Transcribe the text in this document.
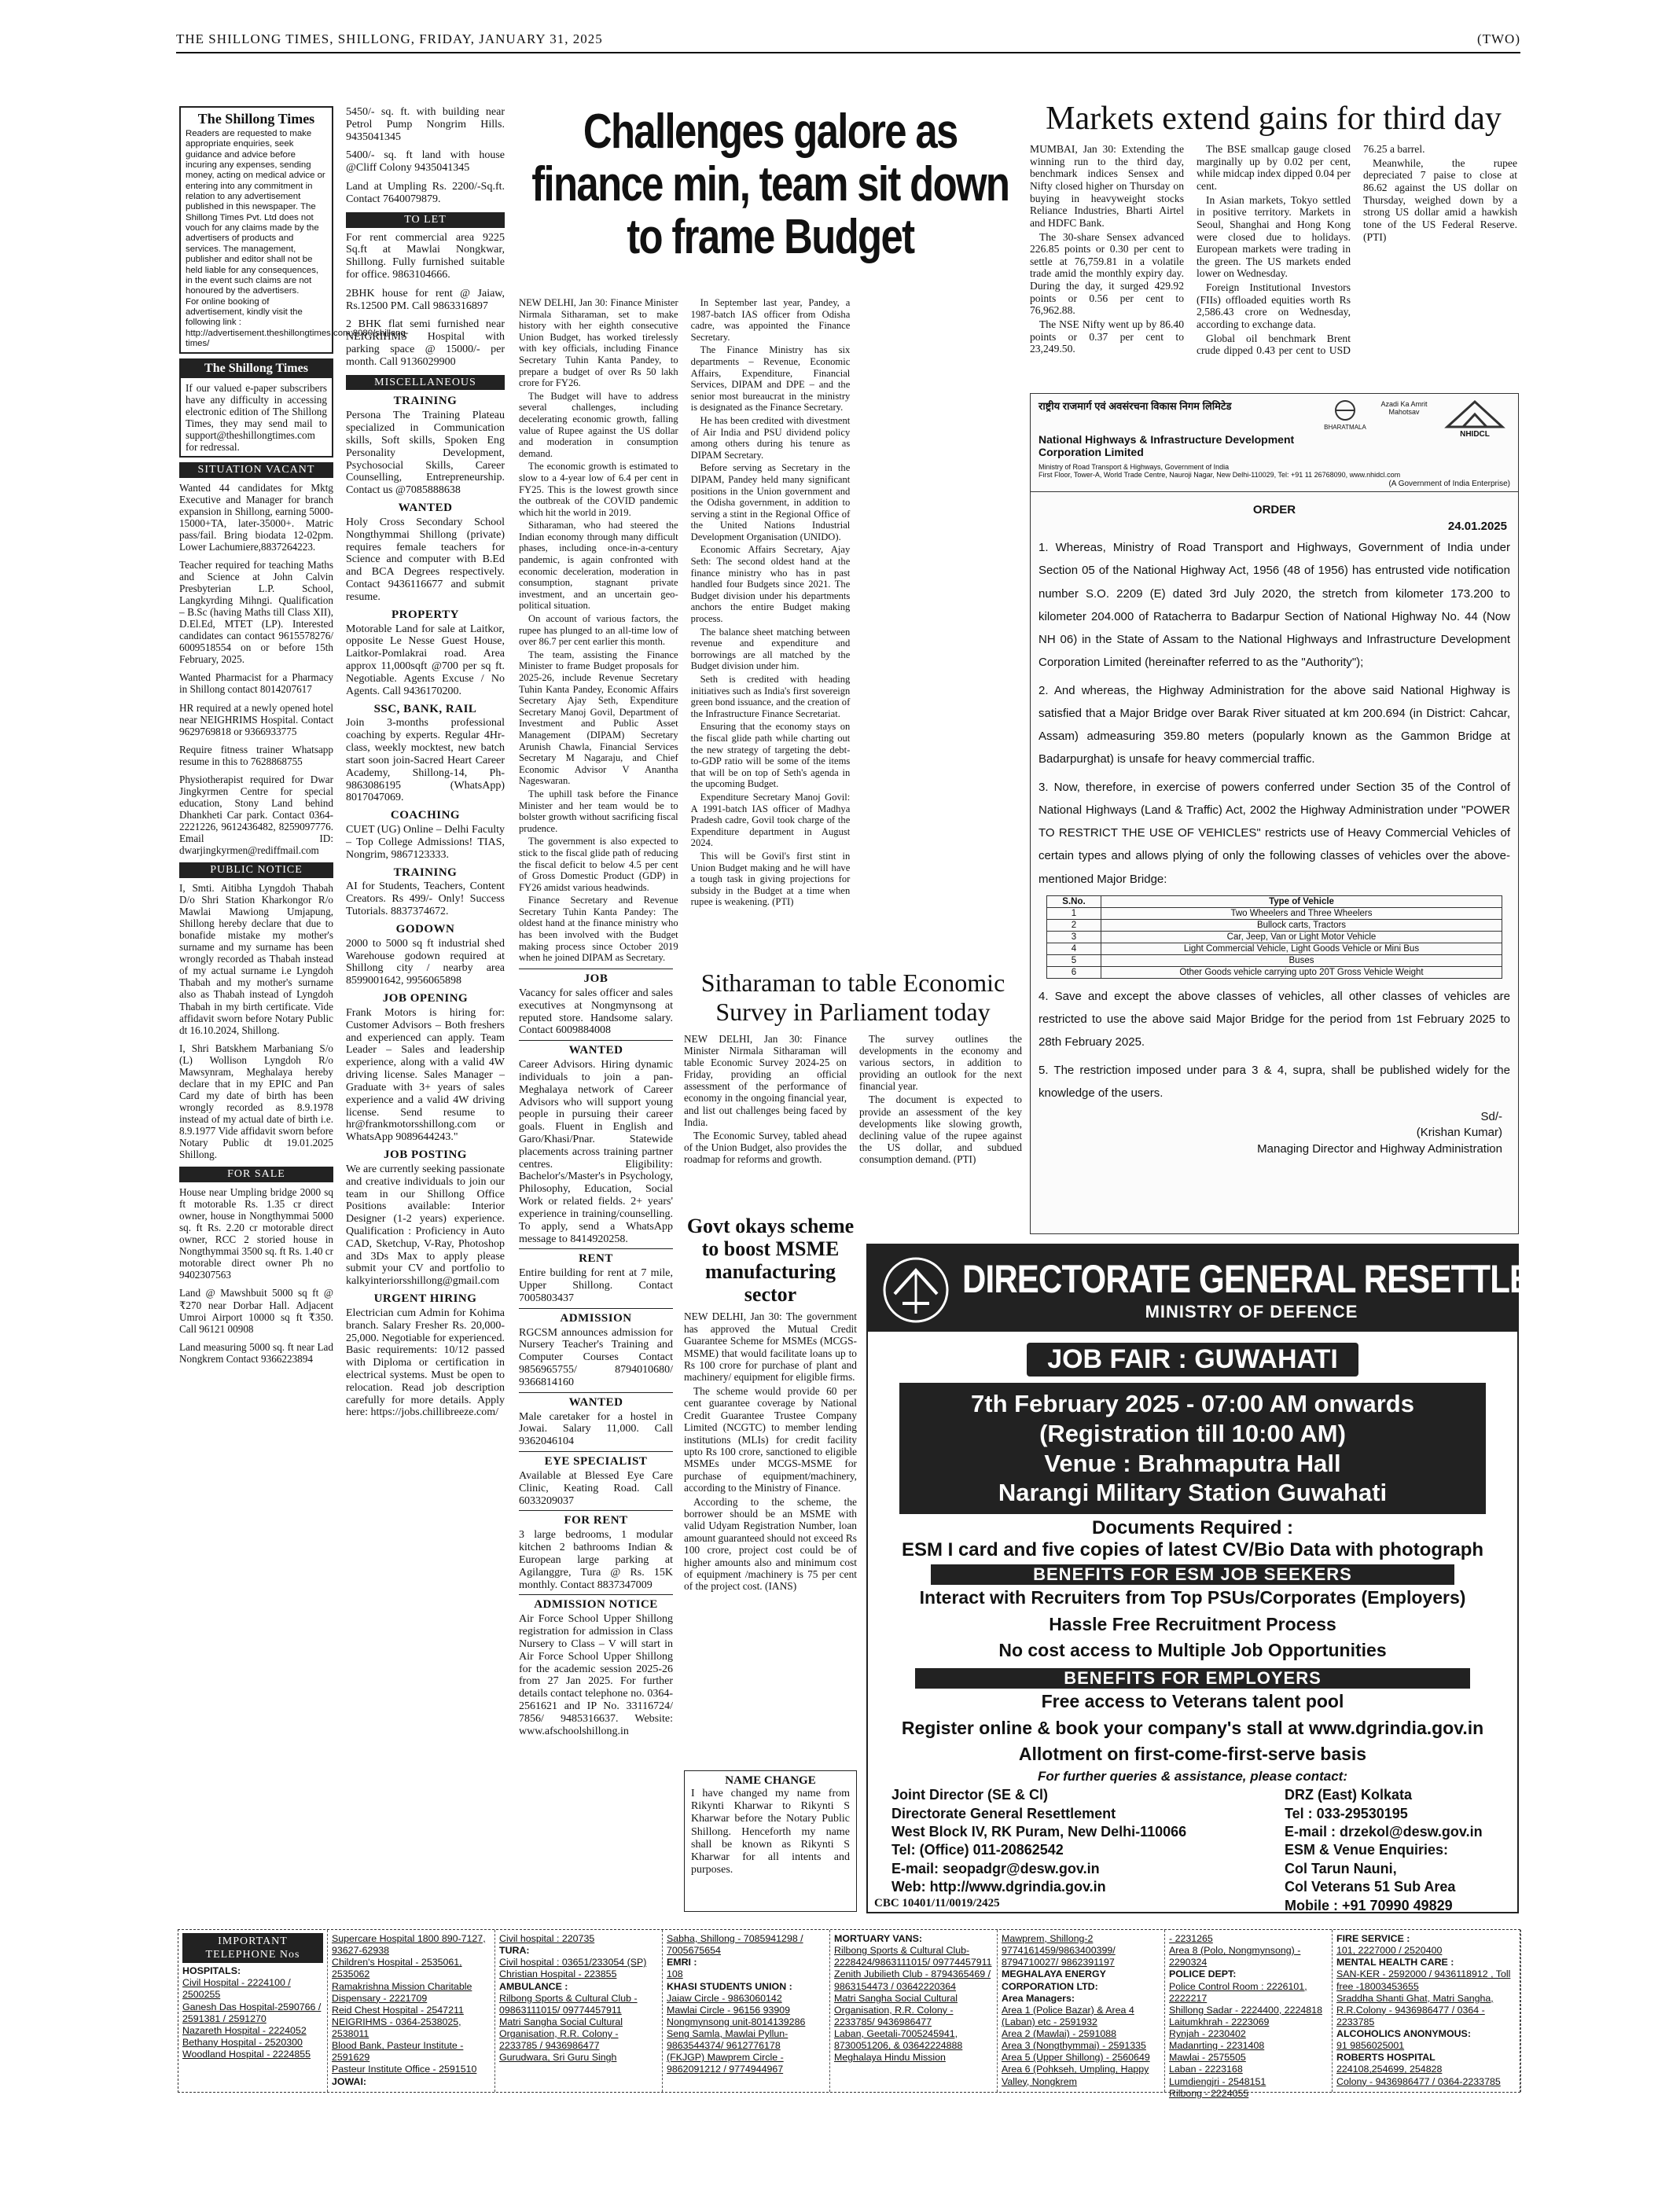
THE SHILLONG TIMES, SHILLONG, FRIDAY, JANUARY 31, 2025	(TWO)
The Shillong Times
Readers are requested to make appropriate enquiries, seek guidance and advice before incuring any expenses, sending money, acting on medical advice or entering into any commitment in relation to any advertisement published in this newspaper. The Shillong Times Pvt. Ltd does not vouch for any claims made by the advertisers of products and services. The management, publisher and editor shall not be held liable for any consequences, in the event such claims are not honoured by the advertisers.
For online booking of advertisement, kindly visit the following link : http://advertisement.theshillongtimes.com:8080/shillong-times/
The Shillong Times
If our valued e-paper subscribers have any difficulty in accessing electronic edition of The Shillong Times, they may send mail to support@theshillongtimes.com for redressal.
SITUATION VACANT

Wanted 44 candidates for Mktg Executive and Manager for branch expansion in Shillong, earning 5000-15000+TA, later-35000+. Matric pass/fail. Bring biodata 12-02pm. Lower Lachumiere,8837264223.

Teacher required for teaching Maths and Science at John Calvin Presbyterian L.P. School, Langkyrding Mihngi. Qualification – B.Sc (having Maths till Class XII), D.El.Ed, MTET (LP). Interested candidates can contact 9615578276/ 6009518554 on or before 15th February, 2025.

Wanted Pharmacist for a Pharmacy in Shillong contact 8014207617

HR required at a newly opened hotel near NEIGHRIMS Hospital. Contact 9629769818 or 9366933775

Require fitness trainer Whatsapp resume in this to 7628868755

Physiotherapist required for Dwar Jingkyrmen Centre for special education, Stony Land behind Dhankheti Car park. Contact 0364-2221226, 9612436482, 8259097776. Email ID: dwarjingkyrmen@rediffmail.com

PUBLIC NOTICE

I, Smti. Aitibha Lyngdoh Thabah D/o Shri Station Kharkongor R/o Mawlai Mawiong Umjapung, Shillong hereby declare that due to bonafide mistake my mother's surname and my surname has been wrongly recorded as Thabah instead of my actual surname i.e Lyngdoh Thabah and my mother's surname also as Thabah instead of Lyngdoh Thabah in my birth certificate. Vide affidavit sworn before Notary Public dt 16.10.2024, Shillong.

I, Shri Batskhem Marbaniang S/o (L) Wollison Lyngdoh R/o Mawsynram, Meghalaya hereby declare that in my EPIC and Pan Card my date of birth has been wrongly recorded as 8.9.1978 instead of my actual date of birth i.e. 8.9.1977 Vide affidavit sworn before Notary Public dt 19.01.2025 Shillong.

FOR SALE

House near Umpling bridge 2000 sq ft motorable Rs. 1.35 cr direct owner, house in Nongthymmai 5000 sq. ft Rs. 2.20 cr motorable direct owner, RCC 2 storied house in Nongthymmai 3500 sq. ft Rs. 1.40 cr motorable direct owner Ph no 9402307563

Land @ Mawshbuit 5000 sq ft @ ₹270 near Dorbar Hall. Adjacent Umroi Airport 10000 sq ft ₹350. Call 96121 00908

Land measuring 5000 sq. ft near Lad Nongkrem Contact 9366223894

5450/- sq. ft. with building near Petrol Pump Nongrim Hills. 9435041345

5400/- sq. ft land with house @Cliff Colony 9435041345

Land at Umpling Rs. 2200/-Sq.ft. Contact 7640079879.

TO LET

For rent commercial area 9225 Sq.ft at Mawlai Nongkwar, Shillong. Fully furnished suitable for office. 9863104666.

2BHK house for rent @ Jaiaw, Rs.12500 PM. Call 9863316897

2 BHK flat semi furnished near NEIGRIHMS Hospital with parking space @ 15000/- per month. Call 9136029900

MISCELLANEOUS
TRAINING

Persona The Training Plateau specialized in Communication skills, Soft skills, Spoken Eng Personality Development, Psychosocial Skills, Career Counselling, Entrepreneurship. Contact us @7085888638

WANTED

Holy Cross Secondary School Nongthymmai Shillong (private) requires female teachers for Science and computer with B.Ed and BCA Degrees respectively. Contact 9436116677 and submit resume.

PROPERTY

Motorable Land for sale at Laitkor, opposite Le Nesse Guest House, Laitkor-Pomlakrai road. Area approx 11,000sqft @700 per sq ft. Negotiable. Agents Excuse / No Agents. Call 9436170200.

SSC, BANK, RAIL

Join 3-months professional coaching by experts. Regular 4Hr-class, weekly mocktest, new batch start soon join-Sacred Heart Career Academy, Shillong-14, Ph-9863086195 (WhatsApp) 8017047069.

COACHING

CUET (UG) Online – Delhi Faculty – Top College Admissions! TIAS, Nongrim, 9867123333.

TRAINING

AI for Students, Teachers, Content Creators. Rs 499/- Only! Success Tutorials. 8837374672.

GODOWN

2000 to 5000 sq ft industrial shed Warehouse godown required at Shillong city / nearby area 8599001642, 9956065898

JOB OPENING

Frank Motors is hiring for: Customer Advisors – Both freshers and experienced can apply. Team Leader – Sales and leadership experience, along with a valid 4W driving license. Sales Manager – Graduate with 3+ years of sales experience and a valid 4W driving license. Send resume to hr@frankmotorsshillong.com or WhatsApp 9089644243."

JOB POSTING

We are currently seeking passionate and creative individuals to join our team in our Shillong Office Positions available: Interior Designer (1-2 years) experience. Qualification : Proficiency in Auto CAD, Sketchup, V-Ray, Photoshop and 3Ds Max to apply please submit your CV and portfolio to kalkyinteriorsshillong@gmail.com

URGENT HIRING

Electrician cum Admin for Kohima branch. Salary Fresher Rs. 20,000-25,000. Negotiable for experienced. Basic requirements: 10/12 passed with Diploma or certification in electrical systems. Must be open to relocation. Read job description carefully for more details. Apply here: https://jobs.chillibreeze.com/

Challenges galore as finance min, team sit down to frame Budget

NEW DELHI, Jan 30: Finance Minister Nirmala Sitharaman, set to make history with her eighth consecutive Union Budget, has worked tirelessly with key officials, including Finance Secretary Tuhin Kanta Pandey, to prepare a budget of over Rs 50 lakh crore for FY26.

The Budget will have to address several challenges, including decelerating economic growth, falling value of Rupee against the US dollar and moderation in consumption demand.

The economic growth is estimated to slow to a 4-year low of 6.4 per cent in FY25. This is the lowest growth since the outbreak of the COVID pandemic which hit the world in 2019.

Sitharaman, who had steered the Indian economy through many difficult phases, including once-in-a-century pandemic, is again confronted with economic deceleration, moderation in consumption, stagnant private investment, and an uncertain geo-political situation.

On account of various factors, the rupee has plunged to an all-time low of over 86.7 per cent earlier this month.

The team, assisting the Finance Minister to frame Budget proposals for 2025-26, include Revenue Secretary Tuhin Kanta Pandey, Economic Affairs Secretary Ajay Seth, Expenditure Secretary Manoj Govil, Department of Investment and Public Asset Management (DIPAM) Secretary Arunish Chawla, Financial Services Secretary M Nagaraju, and Chief Economic Advisor V Anantha Nageswaran.

The uphill task before the Finance Minister and her team would be to bolster growth without sacrificing fiscal prudence.

The government is also expected to stick to the fiscal glide path of reducing the fiscal deficit to below 4.5 per cent of Gross Domestic Product (GDP) in FY26 amidst various headwinds.

Finance Secretary and Revenue Secretary Tuhin Kanta Pandey: The oldest hand at the finance ministry who has been involved with the Budget making process since October 2019 when he joined DIPAM as Secretary.

In September last year, Pandey, a 1987-batch IAS officer from Odisha cadre, was appointed the Finance Secretary.

The Finance Ministry has six departments – Revenue, Economic Affairs, Expenditure, Financial Services, DIPAM and DPE – and the senior most bureaucrat in the ministry is designated as the Finance Secretary.

He has been credited with divestment of Air India and PSU dividend policy among others during his tenure as DIPAM Secretary.

Before serving as Secretary in the DIPAM, Pandey held many significant positions in the Union government and the Odisha government, in addition to serving a stint in the Regional Office of the United Nations Industrial Development Organisation (UNIDO).

Economic Affairs Secretary, Ajay Seth: The second oldest hand at the finance ministry who has in past handled four Budgets since 2021. The Budget division under his departments anchors the entire Budget making process.

The balance sheet matching between revenue and expenditure and borrowings are all matched by the Budget division under him.

Seth is credited with heading initiatives such as India's first sovereign green bond issuance, and the creation of the Infrastructure Finance Secretariat.

Ensuring that the economy stays on the fiscal glide path while charting out the new strategy of targeting the debt-to-GDP ratio will be some of the items that will be on top of Seth's agenda in the upcoming Budget.

Expenditure Secretary Manoj Govil: A 1991-batch IAS officer of Madhya Pradesh cadre, Govil took charge of the Expenditure department in August 2024.

This will be Govil's first stint in Union Budget making and he will have a tough task in giving projections for subsidy in the Budget at a time when rupee is weakening. (PTI)

Sitharaman to table Economic Survey in Parliament today

NEW DELHI, Jan 30: Finance Minister Nirmala Sitharaman will table Economic Survey 2024-25 on Friday, providing an official assessment of the performance of economy in the ongoing financial year, and list out challenges being faced by India.

The Economic Survey, tabled ahead of the Union Budget, also provides the roadmap for reforms and growth.

The survey outlines the developments in the economy and various sectors, in addition to providing an outlook for the next financial year.

The document is expected to provide an assessment of the key developments like slowing growth, declining value of the rupee against the US dollar, and subdued consumption demand. (PTI)

JOB

Vacancy for sales officer and sales executives at Nongmynsong at reputed store. Handsome salary. Contact 6009884008

WANTED

Career Advisors. Hiring dynamic individuals to join a pan-Meghalaya network of Career Advisors who will support young people in pursuing their career goals. Fluent in English and Garo/Khasi/Pnar. Statewide placements across training partner centres. Eligibility: Bachelor's/Master's in Psychology, Philosophy, Education, Social Work or related fields. 2+ years' experience in training/counselling. To apply, send a WhatsApp message to 8414920258.

RENT

Entire building for rent at 7 mile, Upper Shillong. Contact 7005803437

ADMISSION

RGCSM announces admission for Nursery Teacher's Training and Computer Courses Contact 9856965755/ 8794010680/ 9366814160

WANTED

Male caretaker for a hostel in Jowai. Salary 11,000. Call 9362046104

EYE SPECIALIST

Available at Blessed Eye Care Clinic, Keating Road. Call 6033209037

FOR RENT

3 large bedrooms, 1 modular kitchen 2 bathrooms Indian & European large parking at Agilanggre, Tura @ Rs. 15K monthly. Contact 8837347009

ADMISSION NOTICE

Air Force School Upper Shillong registration for admission in Class Nursery to Class – V will start in Air Force School Upper Shillong for the academic session 2025-26 from 27 Jan 2025. For further details contact telephone no. 0364-2561621 and IP No. 33116724/ 7856/ 9485316637. Website: www.afschoolshillong.in

Govt okays scheme to boost MSME manufacturing sector

NEW DELHI, Jan 30: The government has approved the Mutual Credit Guarantee Scheme for MSMEs (MCGS-MSME) that would facilitate loans up to Rs 100 crore for purchase of plant and machinery/ equipment for eligible firms.

The scheme would provide 60 per cent guarantee coverage by National Credit Guarantee Trustee Company Limited (NCGTC) to member lending institutions (MLIs) for credit facility upto Rs 100 crore, sanctioned to eligible MSMEs under MCGS-MSME for purchase of equipment/machinery, according to the Ministry of Finance.

According to the scheme, the borrower should be an MSME with valid Udyam Registration Number, loan amount guaranteed should not exceed Rs 100 crore, project cost could be of higher amounts also and minimum cost of equipment /machinery is 75 per cent of the project cost. (IANS)

NAME CHANGE
I have changed my name from Rikynti Kharwar to Rikynti S Kharwar before the Notary Public Shillong. Henceforth my name shall be known as Rikynti S Kharwar for all intents and purposes.
Markets extend gains for third day

MUMBAI, Jan 30: Extending the winning run to the third day, benchmark indices Sensex and Nifty closed higher on Thursday on buying in heavyweight stocks Reliance Industries, Bharti Airtel and HDFC Bank.

The 30-share Sensex advanced 226.85 points or 0.30 per cent to settle at 76,759.81 in a volatile trade amid the monthly expiry day. During the day, it surged 429.92 points or 0.56 per cent to 76,962.88.

The NSE Nifty went up by 86.40 points or 0.37 per cent to 23,249.50.

The BSE smallcap gauge closed marginally up by 0.02 per cent, while midcap index dipped 0.04 per cent.

In Asian markets, Tokyo settled in positive territory. Markets in Seoul, Shanghai and Hong Kong were closed due to holidays. European markets were trading in the green. The US markets ended lower on Wednesday.

Foreign Institutional Investors (FIIs) offloaded equities worth Rs 2,586.43 crore on Wednesday, according to exchange data.

Global oil benchmark Brent crude dipped 0.43 per cent to USD 76.25 a barrel.

Meanwhile, the rupee depreciated 7 paise to close at 86.62 against the US dollar on Thursday, weighed down by a strong US dollar amid a hawkish tone of the US Federal Reserve. (PTI)

राष्ट्रीय राजमार्ग एवं अवसंरचना विकास निगम लिमिटेड
National Highways & Infrastructure Development Corporation Limited
Ministry of Road Transport & Highways, Government of India
First Floor, Tower-A, World Trade Centre, Nauroji Nagar, New Delhi-110029, Tel: +91 11 26768090, www.nhidcl.com
BHARATMALA
Azadi Ka Amrit Mahotsav
NHIDCL
(A Government of India Enterprise)
ORDER
24.01.2025
1. Whereas, Ministry of Road Transport and Highways, Government of India under Section 05 of the National Highway Act, 1956 (48 of 1956) has entrusted vide notification number S.O. 2209 (E) dated 3rd July 2020, the stretch from kilometer 173.200 to kilometer 204.000 of Ratacherra to Badarpur Section of National Highway No. 44 (Now NH 06) in the State of Assam to the National Highways and Infrastructure Development Corporation Limited (hereinafter referred to as the "Authority");
2. And whereas, the Highway Administration for the above said National Highway is satisfied that a Major Bridge over Barak River situated at km 200.694 (in District: Cahcar, Assam) admeasuring 359.80 meters (popularly known as the Gammon Bridge at Badarpurghat) is unsafe for heavy commercial traffic.
3. Now, therefore, in exercise of powers conferred under Section 35 of the Control of National Highways (Land & Traffic) Act, 2002 the Highway Administration under "POWER TO RESTRICT THE USE OF VEHICLES" restricts use of Heavy Commercial Vehicles of certain types and allows plying of only the following classes of vehicles over the above-mentioned Major Bridge:
S.No.	Type of Vehicle
1	Two Wheelers and Three Wheelers
2	Bullock carts, Tractors
3	Car, Jeep, Van or Light Motor Vehicle
4	Light Commercial Vehicle, Light Goods Vehicle or Mini Bus
5	Buses
6	Other Goods vehicle carrying upto 20T Gross Vehicle Weight
4. Save and except the above classes of vehicles, all other classes of vehicles are restricted to use the above said Major Bridge for the period from 1st February 2025 to 28th February 2025.
5. The restriction imposed under para 3 & 4, supra, shall be published widely for the knowledge of the users.
Sd/-
(Krishan Kumar)
Managing Director and Highway Administration
DIRECTORATE GENERAL RESETTLEMENT
MINISTRY OF DEFENCE
JOB FAIR : GUWAHATI
7th February 2025 - 07:00 AM onwards
(Registration till 10:00 AM)
Venue : Brahmaputra Hall
Narangi Military Station Guwahati
Documents Required :
ESM I card and five copies of latest CV/Bio Data with photograph
BENEFITS FOR ESM JOB SEEKERS
Interact with Recruiters from Top PSUs/Corporates (Employers)
Hassle Free Recruitment Process
No cost access to Multiple Job Opportunities
BENEFITS FOR EMPLOYERS
Free access to Veterans talent pool
Register online & book your company's stall at www.dgrindia.gov.in
Allotment on first-come-first-serve basis
For further queries & assistance, please contact:
Joint Director (SE & Cl)
Directorate General Resettlement
West Block IV, RK Puram, New Delhi-110066
Tel: (Office) 011-20862542
E-mail: seopadgr@desw.gov.in
Web: http://www.dgrindia.gov.in
DRZ (East) Kolkata
Tel : 033-29530195
E-mail : drzekol@desw.gov.in
ESM & Venue Enquiries:
Col Tarun Nauni,
Col Veterans 51 Sub Area
Mobile : +91 70990 49829
CBC 10401/11/0019/2425
IMPORTANT TELEPHONE Nos
HOSPITALS:
Civil Hospital - 2224100 / 2500255
Ganesh Das Hospital-2590766 / 2591381 / 2591270
Nazareth Hospital - 2224052
Bethany Hospital - 2520300
Woodland Hospital - 2224855
Supercare Hospital 1800 890-7127, 93627-62938
Children's Hospital - 2535061, 2535062
Ramakrishna Mission Charitable Dispensary - 2221709
Reid Chest Hospital - 2547211
NEIGRIHMS - 0364-2538025, 2538011
Blood Bank, Pasteur Institute - 2591629
Pasteur Institute Office - 2591510
JOWAI:
Civil hospital : 220735
TURA:
Civil hospital : 03651/233054 (SP)
Christian Hospital - 223855
AMBULANCE :
Rilbong Sports & Cultural Club - 09863111015/ 09774457911
Matri Sangha Social Cultural Organisation, R.R. Colony - 2233785 / 9436986477
Gurudwara, Sri Guru Singh
Sabha, Shillong - 7085941298 / 7005675654
EMRI :
108
KHASI STUDENTS UNION :
Jaiaw Circle - 9863060142
Mawlai Circle - 96156 93909
Nongmynsong unit-8014139286
Seng Samla, Mawlai Pyllun-9863544374/ 9612776178
(FKJGP) Mawprem Circle - 9862091212 / 9774944967
MORTUARY VANS:
Rilbong Sports & Cultural Club-2228424/9863111015/ 09774457911
Zenith Jubilieth Club - 8794365469 / 9863154473 / 03642220364
Matri Sangha Social Cultural Organisation, R.R. Colony - 2233785/ 9436986477
Laban, Geetali-7005245941, 8730051206, & 03642224888
Meghalaya Hindu Mission
Mawprem, Shillong-2 9774161459/9863400399/ 8794710027/ 9862391197
MEGHALAYA ENERGY CORPORATION LTD:
Area Managers:
Area 1 (Police Bazar) & Area 4 (Laban) etc - 2591932
Area 2 (Mawlai) - 2591088
Area 3 (Nongthymmai) - 2591335
Area 5 (Upper Shillong) - 2560649
Area 6 (Pohkseh, Umpling, Happy Valley, Nongkrem
- 2231265
Area 8 (Polo, Nongmynsong) - 2290324
POLICE DEPT:
Police Control Room : 2226101, 2222217
Shillong Sadar - 2224400, 2224818
Laitumkhrah - 2223069
Rynjah - 2230402
Madanrting - 2231408
Mawlai - 2575505
Laban - 2223168
Lumdiengjri - 2548151
Rilbong - 2224055
FIRE SERVICE :
101, 2227000 / 2520400
MENTAL HEALTH CARE :
SAN-KER - 2592000 / 9436118912 , Toll free -18003453655
Sraddha Shanti Ghat, Matri Sangha, R.R.Colony - 9436986477 / 0364 - 2233785
ALCOHOLICS ANONYMOUS:
91 9856025001
ROBERTS HOSPITAL
224108,254699, 254828
Colony - 9436986477 / 0364-2233785
